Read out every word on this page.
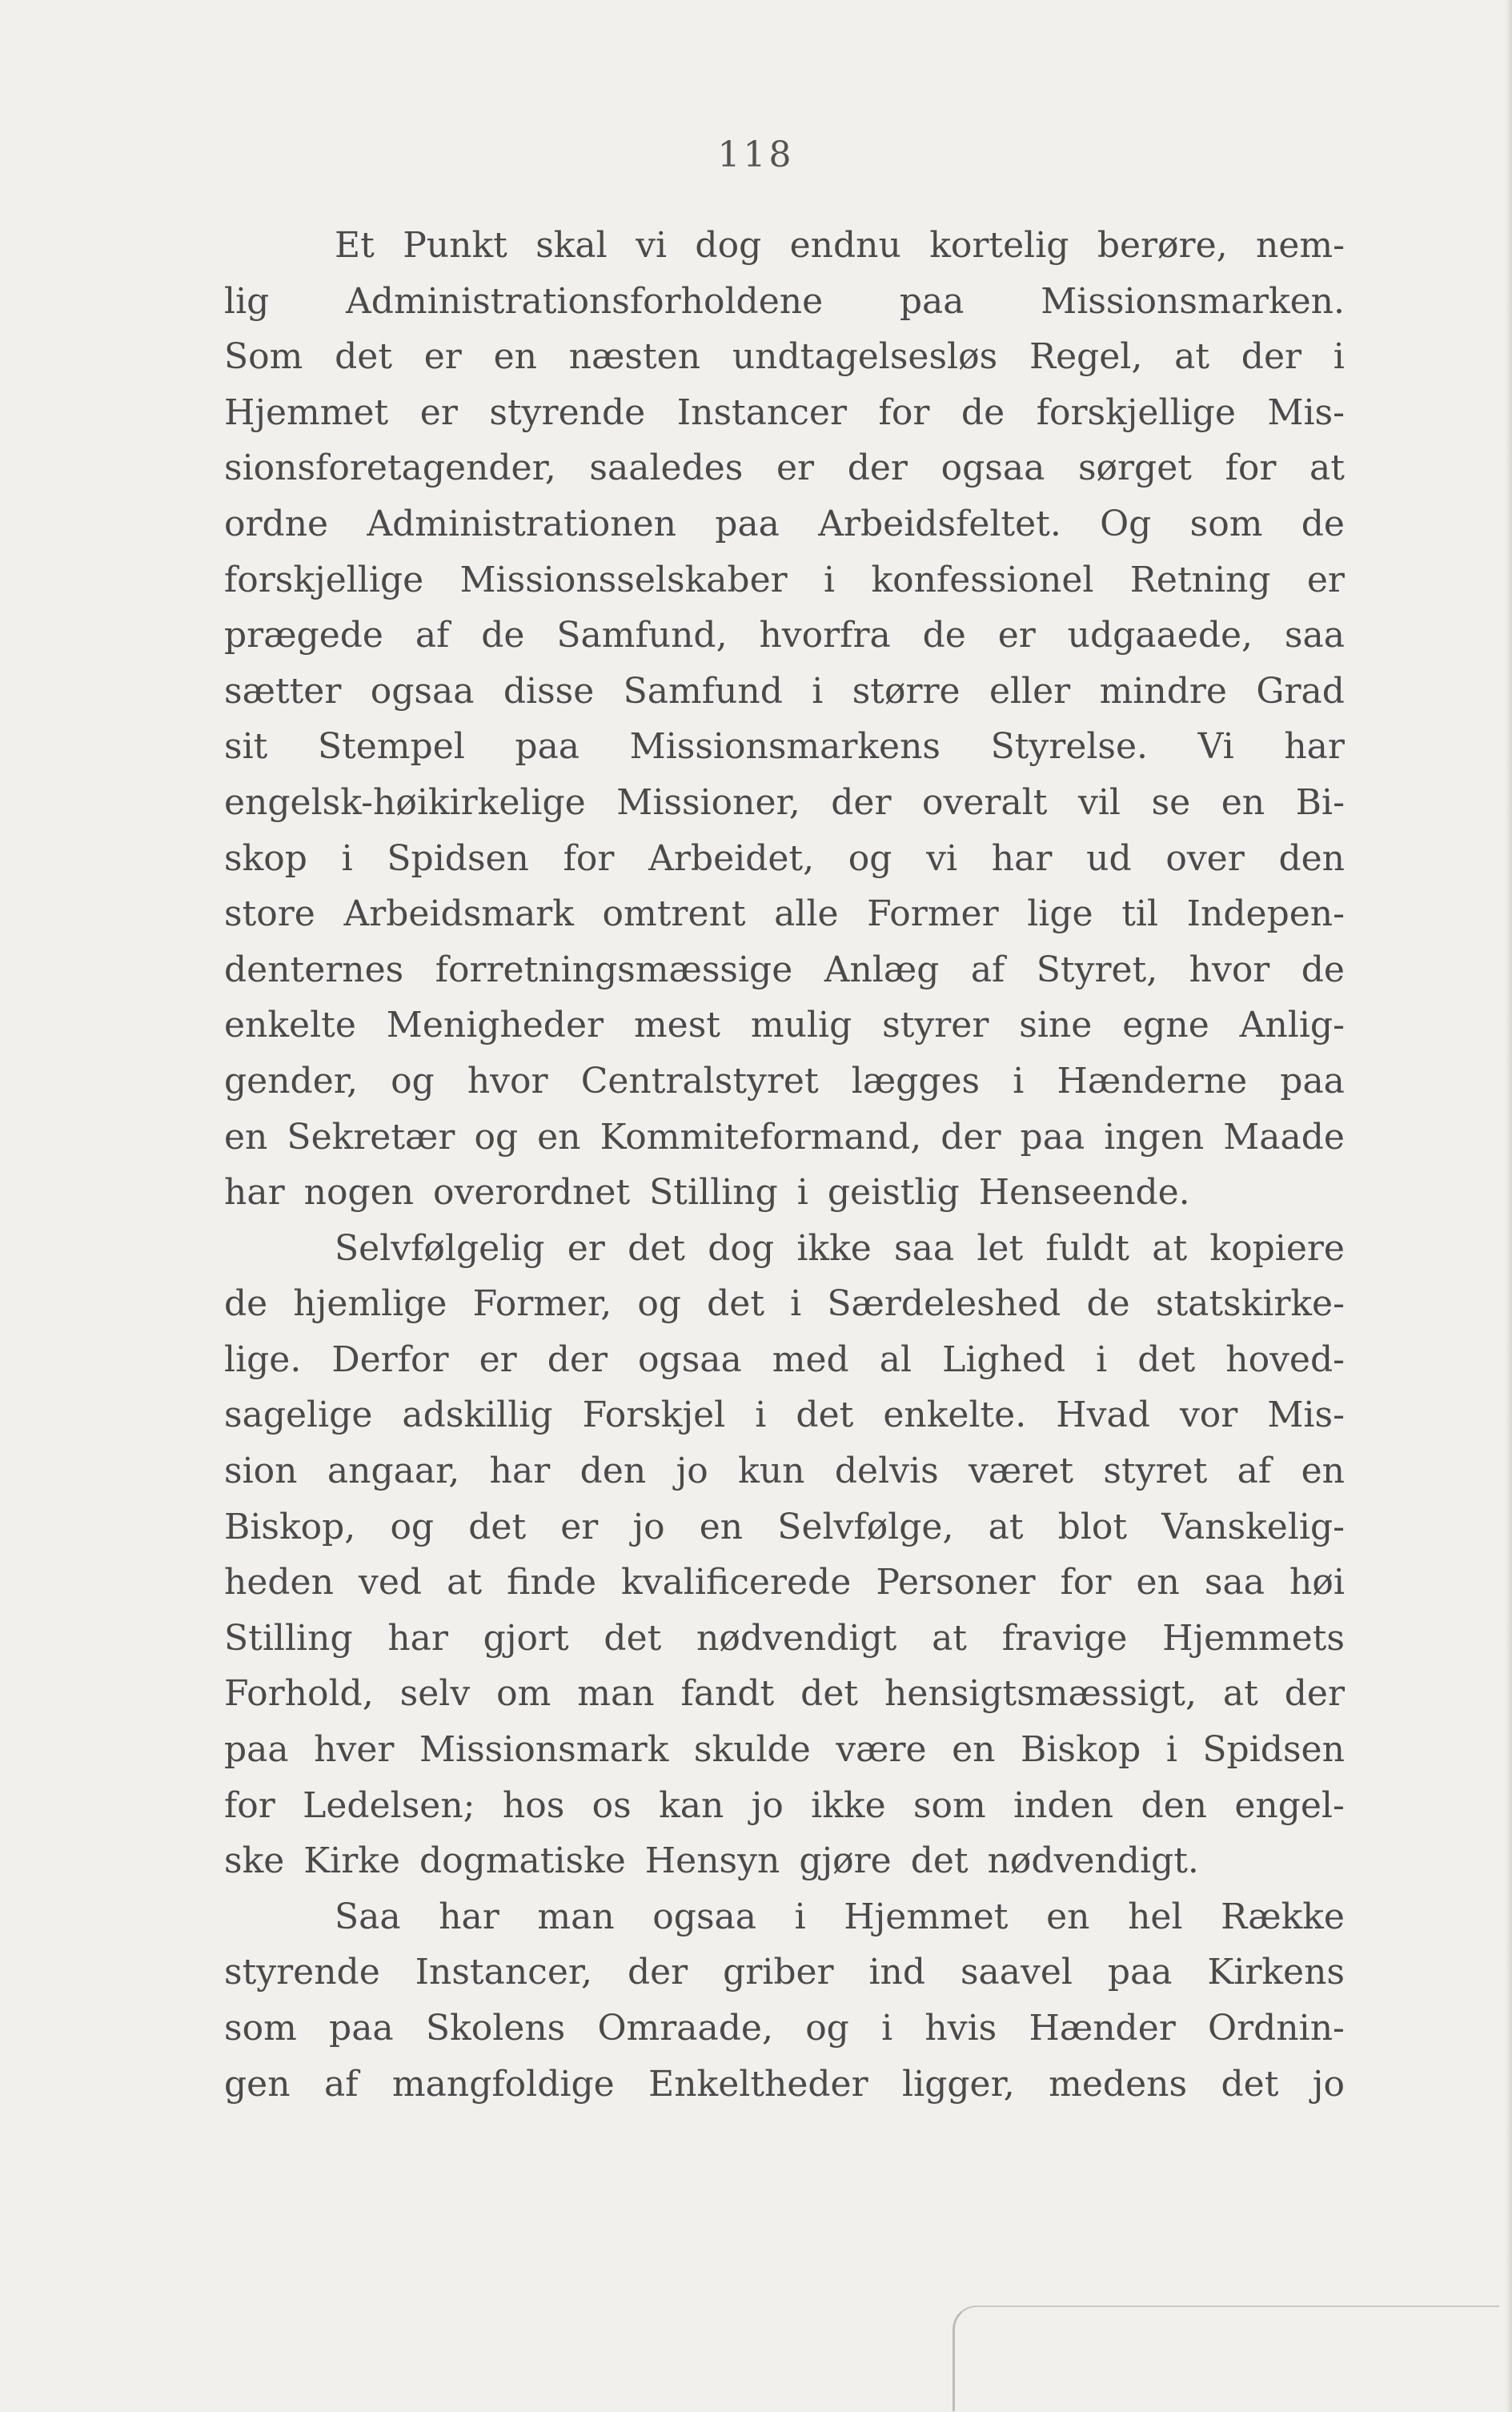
118
Et Punkt skal vi dog endnu kortelig berøre, nem-
lig Administrationsforholdene paa Missionsmarken.
Som det er en næsten undtagelsesløs Regel, at der i
Hjemmet er styrende Instancer for de forskjellige Mis-
sionsforetagender, saaledes er der ogsaa sørget for at
ordne Administrationen paa Arbeidsfeltet. Og som de
forskjellige Missionsselskaber i konfessionel Retning er
prægede af de Samfund, hvorfra de er udgaaede, saa
sætter ogsaa disse Samfund i større eller mindre Grad
sit Stempel paa Missionsmarkens Styrelse. Vi har
engelsk-høikirkelige Missioner, der overalt vil se en Bi-
skop i Spidsen for Arbeidet, og vi har ud over den
store Arbeidsmark omtrent alle Former lige til Indepen-
denternes forretningsmæssige Anlæg af Styret, hvor de
enkelte Menigheder mest mulig styrer sine egne Anlig-
gender, og hvor Centralstyret lægges i Hænderne paa
en Sekretær og en Kommiteformand, der paa ingen Maade
har nogen overordnet Stilling i geistlig Henseende.
Selvfølgelig er det dog ikke saa let fuldt at kopiere
de hjemlige Former, og det i Særdeleshed de statskirke-
lige. Derfor er der ogsaa med al Lighed i det hoved-
sagelige adskillig Forskjel i det enkelte. Hvad vor Mis-
sion angaar, har den jo kun delvis været styret af en
Biskop, og det er jo en Selvfølge, at blot Vanskelig-
heden ved at finde kvalificerede Personer for en saa høi
Stilling har gjort det nødvendigt at fravige Hjemmets
Forhold, selv om man fandt det hensigtsmæssigt, at der
paa hver Missionsmark skulde være en Biskop i Spidsen
for Ledelsen; hos os kan jo ikke som inden den engel-
ske Kirke dogmatiske Hensyn gjøre det nødvendigt.
Saa har man ogsaa i Hjemmet en hel Række
styrende Instancer, der griber ind saavel paa Kirkens
som paa Skolens Omraade, og i hvis Hænder Ordnin-
gen af mangfoldige Enkeltheder ligger, medens det jo
